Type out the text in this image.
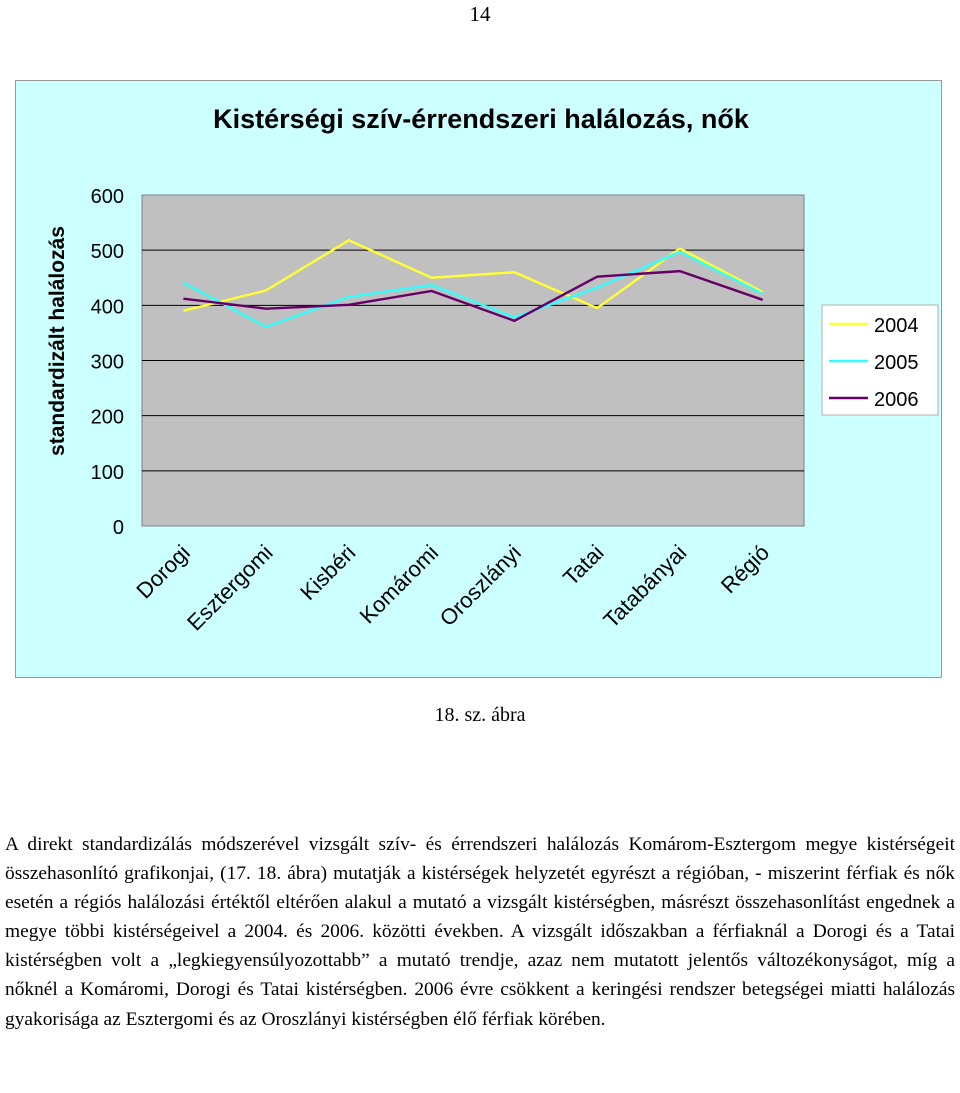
14
Kistérségi szív-érrendszeri halálozás, nők
standardizált halálozás
0
100
200
300
400
500
600
Dorogi
Esztergomi Kisbéri
Komáromi
Oroszlányi Tatai
Tatabányai Régió
2004
2005
2006
18. sz. ábra

A direkt standardizálás módszerével vizsgált szív- és érrendszeri halálozás Komárom-Esztergom megye kistérségeit összehasonlító grafikonjai, (17. 18. ábra) mutatják a kistérségek helyzetét egyrészt a régióban, - miszerint férfiak és nők esetén a régiós halálozási értéktől eltérően alakul a mutató a vizsgált kistérségben, másrészt összehasonlítást engednek a megye többi kistérségeivel a 2004. és 2006. közötti években. A vizsgált időszakban a férfiaknál a Dorogi és a Tatai kistérségben volt a „legkiegyensúlyozottabb” a mutató trendje, azaz nem mutatott jelentős változékonyságot, míg a nőknél a Komáromi, Dorogi és Tatai kistérségben. 2006 évre csökkent a keringési rendszer betegségei miatti halálozás gyakorisága az Esztergomi és az Oroszlányi kistérségben élő férfiak körében.
